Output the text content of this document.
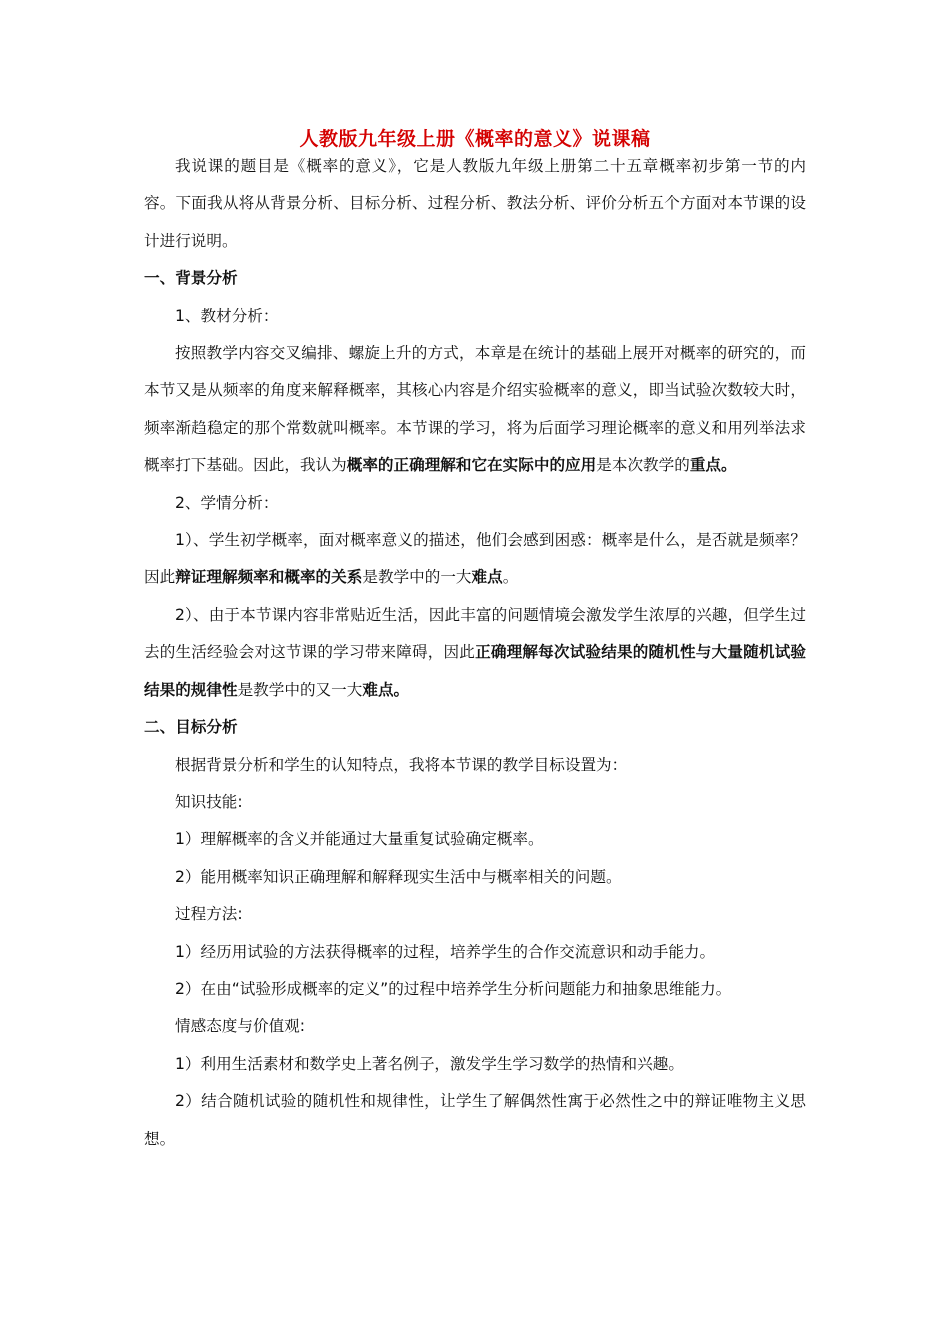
人教版九年级上册《概率的意义》说课稿

我说课的题目是《概率的意义》，它是人教版九年级上册第二十五章概率初步第一节的内容。下面我从将从背景分析、目标分析、过程分析、教法分析、评价分析五个方面对本节课的设计进行说明。

一、背景分析

1、教材分析：

按照教学内容交叉编排、螺旋上升的方式，本章是在统计的基础上展开对概率的研究的，而本节又是从频率的角度来解释概率，其核心内容是介绍实验概率的意义，即当试验次数较大时，频率渐趋稳定的那个常数就叫概率。本节课的学习，将为后面学习理论概率的意义和用列举法求概率打下基础。因此，我认为概率的正确理解和它在实际中的应用是本次教学的重点。

2、学情分析：

1）、学生初学概率，面对概率意义的描述，他们会感到困惑：概率是什么，是否就是频率？因此辩证理解频率和概率的关系是教学中的一大难点。

2）、由于本节课内容非常贴近生活，因此丰富的问题情境会激发学生浓厚的兴趣，但学生过去的生活经验会对这节课的学习带来障碍，因此正确理解每次试验结果的随机性与大量随机试验结果的规律性是教学中的又一大难点。

二、目标分析

根据背景分析和学生的认知特点，我将本节课的教学目标设置为：

知识技能:

1）理解概率的含义并能通过大量重复试验确定概率。

2）能用概率知识正确理解和解释现实生活中与概率相关的问题。

过程方法:

1）经历用试验的方法获得概率的过程，培养学生的合作交流意识和动手能力。

2）在由“试验形成概率的定义”的过程中培养学生分析问题能力和抽象思维能力。

情感态度与价值观:

1）利用生活素材和数学史上著名例子，激发学生学习数学的热情和兴趣。

2）结合随机试验的随机性和规律性，让学生了解偶然性寓于必然性之中的辩证唯物主义思想。
